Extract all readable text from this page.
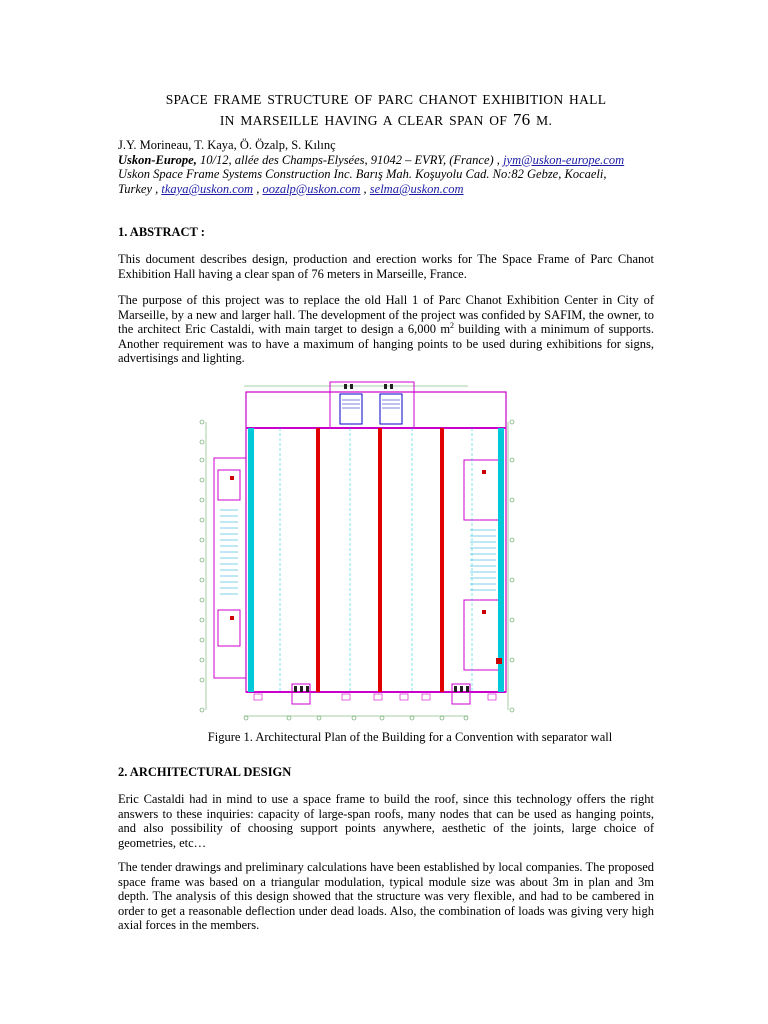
SPACE FRAME STRUCTURE OF PARC CHANOT EXHIBITION HALL
IN MARSEILLE HAVING A CLEAR SPAN OF 76 M.
J.Y. Morineau, T. Kaya, Ö. Özalp, S. Kılınç
Uskon-Europe, 10/12, allée des Champs-Elysées, 91042 – EVRY, (France) , jym@uskon-europe.com
Uskon Space Frame Systems Construction Inc. Barış Mah. Koşuyolu Cad. No:82 Gebze, Kocaeli,
Turkey , tkaya@uskon.com , oozalp@uskon.com , selma@uskon.com
1. ABSTRACT :
This document describes design, production and erection works for The Space Frame of Parc Chanot Exhibition Hall having a clear span of 76 meters in Marseille, France.
The purpose of this project was to replace the old Hall 1 of Parc Chanot Exhibition Center in City of Marseille, by a new and larger hall. The development of the project was confided by SAFIM, the owner, to the architect Eric Castaldi, with main target to design a 6,000 $m^2$ building with a minimum of supports. Another requirement was to have a maximum of hanging points to be used during exhibitions for signs, advertisings and lighting.
Figure 1. Architectural Plan of the Building for a Convention with separator wall
2. ARCHITECTURAL DESIGN
Eric Castaldi had in mind to use a space frame to build the roof, since this technology offers the right answers to these inquiries: capacity of large-span roofs, many nodes that can be used as hanging points, and also possibility of choosing support points anywhere, aesthetic of the joints, large choice of geometries, etc…
The tender drawings and preliminary calculations have been established by local companies. The proposed space frame was based on a triangular modulation, typical module size was about 3m in plan and 3m depth. The analysis of this design showed that the structure was very flexible, and had to be cambered in order to get a reasonable deflection under dead loads. Also, the combination of loads was giving very high axial forces in the members.
